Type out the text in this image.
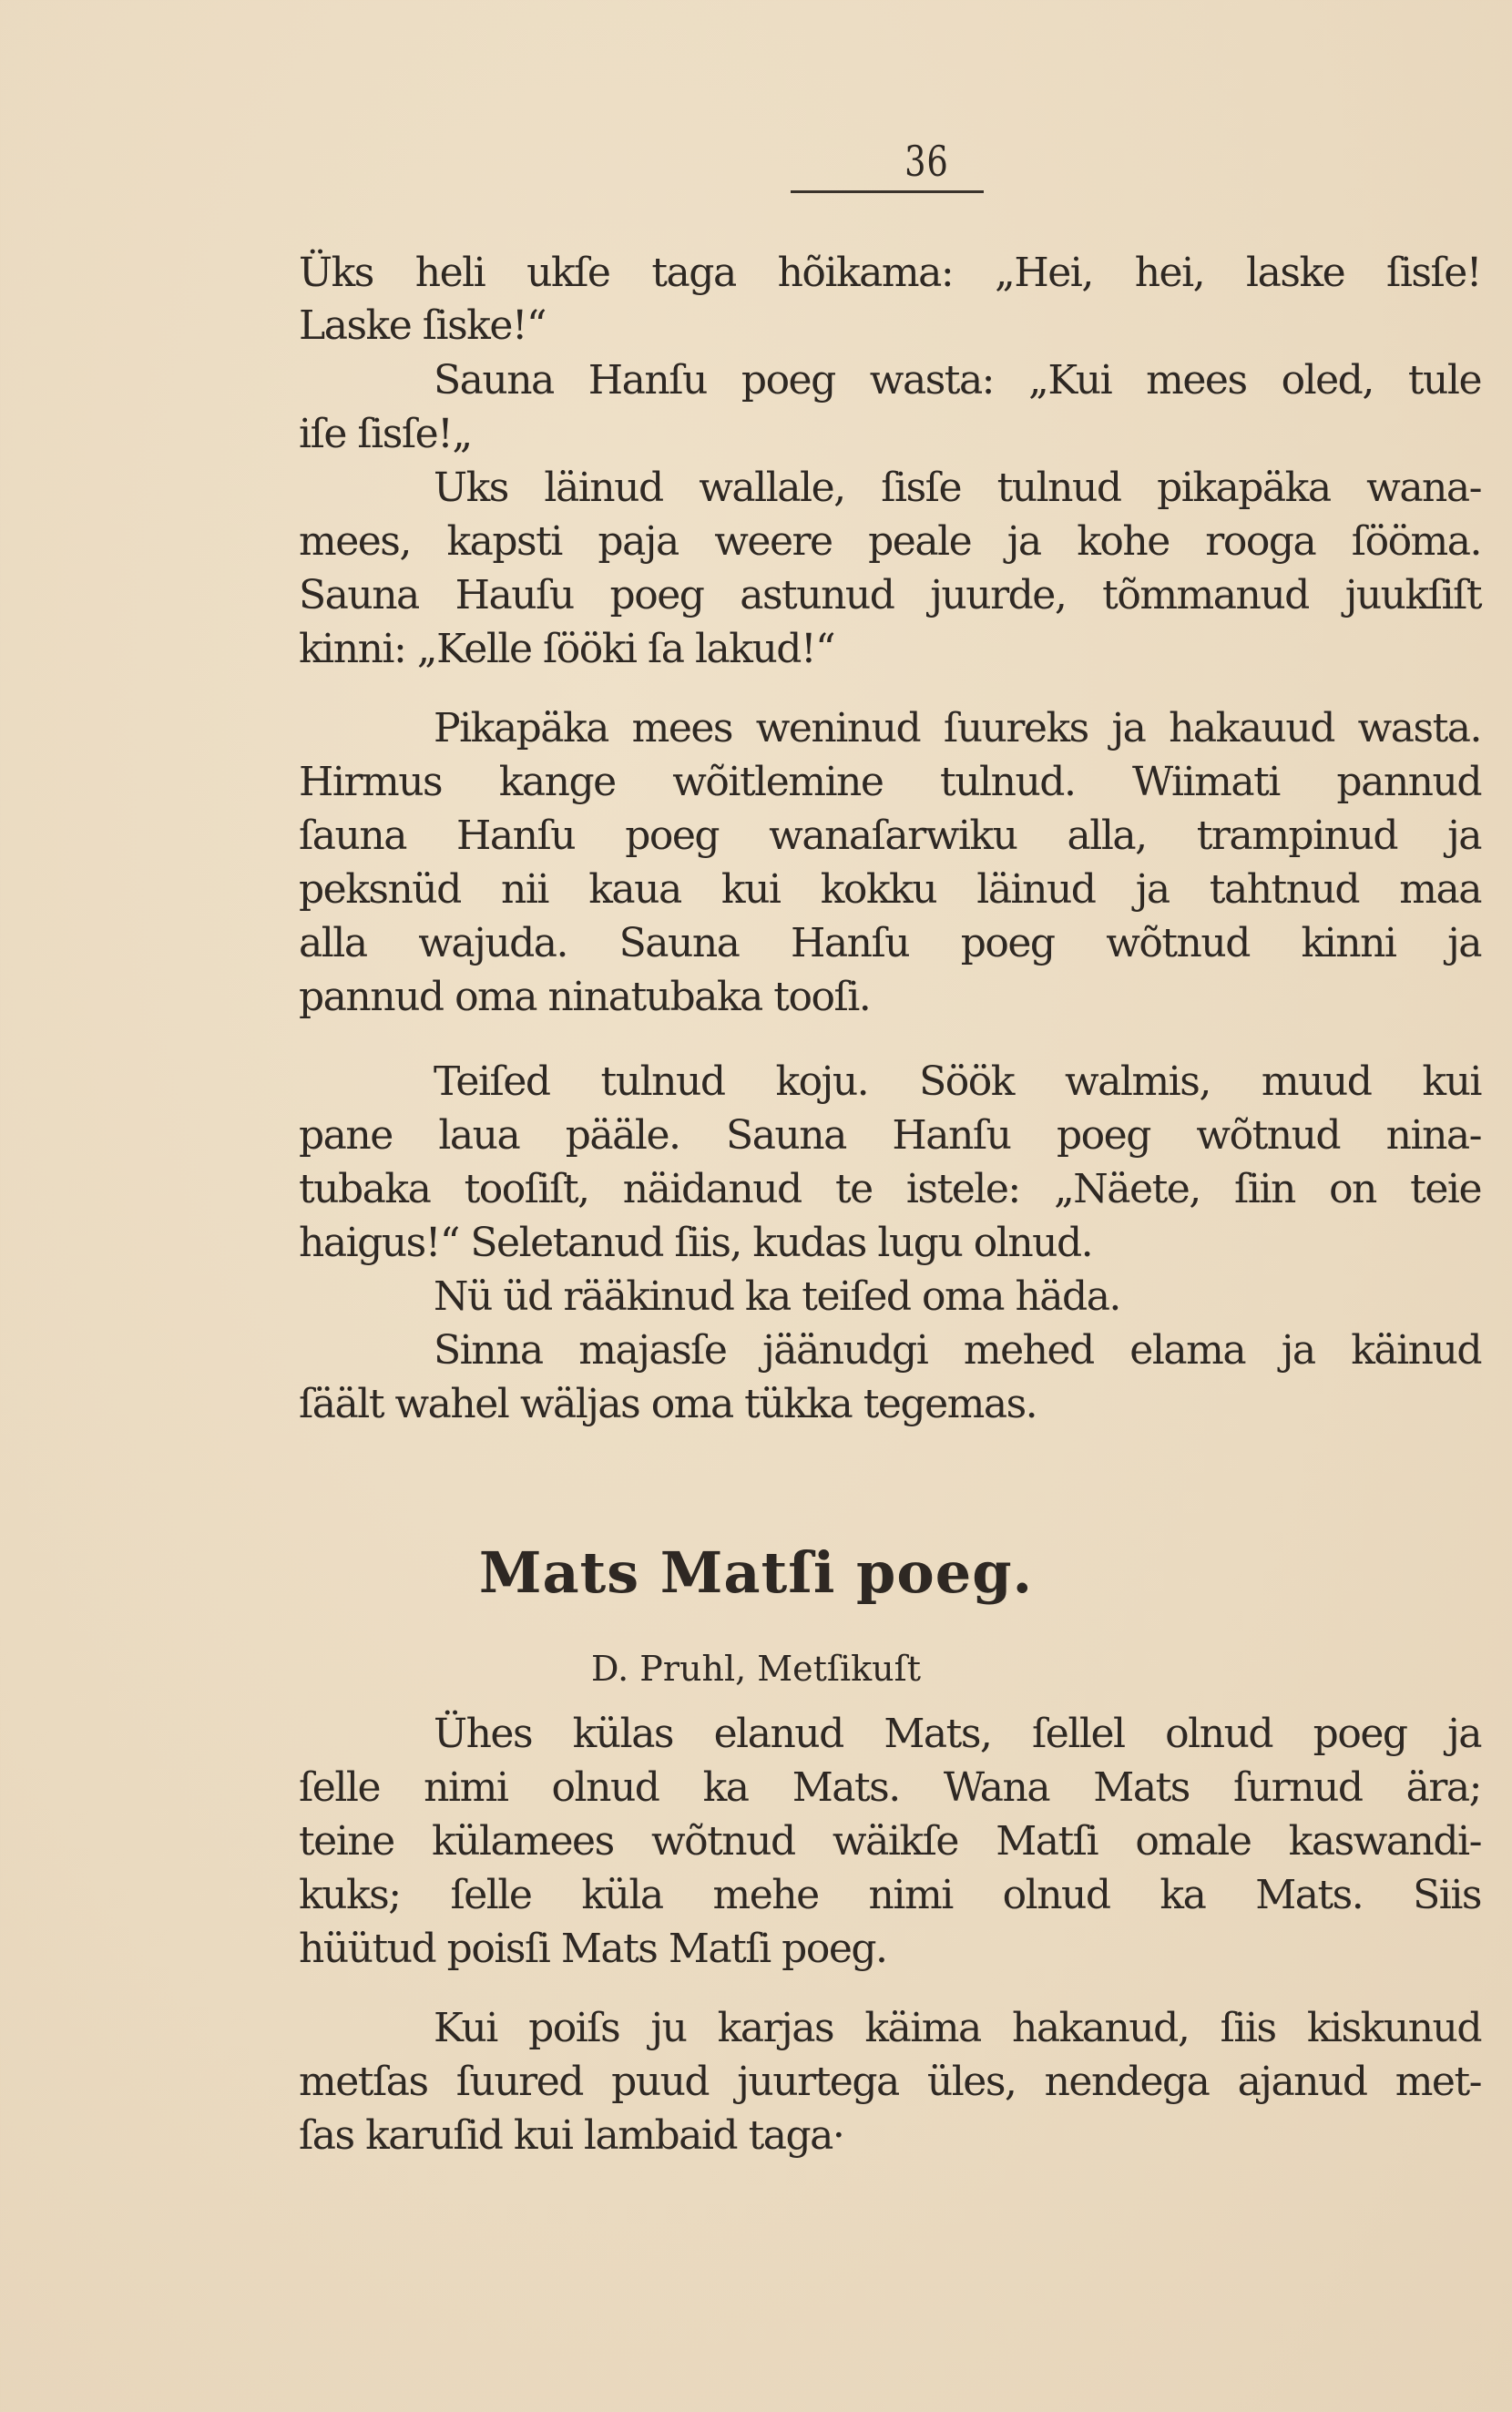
36
Üks heli ukſe taga hõikama: „Hei, hei, laske ſisſe!
Laske ſiske!“
Sauna Hanſu poeg wasta: „Kui mees oled, tule
iſe ſisſe!„
Uks läinud wallale, ſisſe tulnud pikapäka wana-
mees, kapsti paja weere peale ja kohe rooga ſööma.
Sauna Hauſu poeg astunud juurde, tõmmanud juukſiſt
kinni: „Kelle ſööki ſa lakud!“
Pikapäka mees weninud ſuureks ja hakauud wasta.
Hirmus kange wõitlemine tulnud. Wiimati pannud
ſauna Hanſu poeg wanaſarwiku alla, trampinud ja
peksnüd nii kaua kui kokku läinud ja tahtnud maa
alla wajuda. Sauna Hanſu poeg wõtnud kinni ja
pannud oma ninatubaka tooſi.
Teiſed tulnud koju. Söök walmis, muud kui
pane laua pääle. Sauna Hanſu poeg wõtnud nina-
tubaka tooſiſt, näidanud te istele: „Näete, ſiin on teie
haigus!“ Seletanud ſiis, kudas lugu olnud.
Nü üd rääkinud ka teiſed oma häda.
Sinna majasſe jäänudgi mehed elama ja käinud
ſäält wahel wäljas oma tükka tegemas.
Mats Matſi poeg.
D. Pruhl, Metſikuſt
Ühes külas elanud Mats, ſellel olnud poeg ja
ſelle nimi olnud ka Mats. Wana Mats ſurnud ära;
teine külamees wõtnud wäikſe Matſi omale kaswandi-
kuks; ſelle küla mehe nimi olnud ka Mats. Siis
hüütud poisſi Mats Matſi poeg.
Kui poiſs ju karjas käima hakanud, ſiis kiskunud
metſas ſuured puud juurtega üles, nendega ajanud met-
ſas karuſid kui lambaid taga·
